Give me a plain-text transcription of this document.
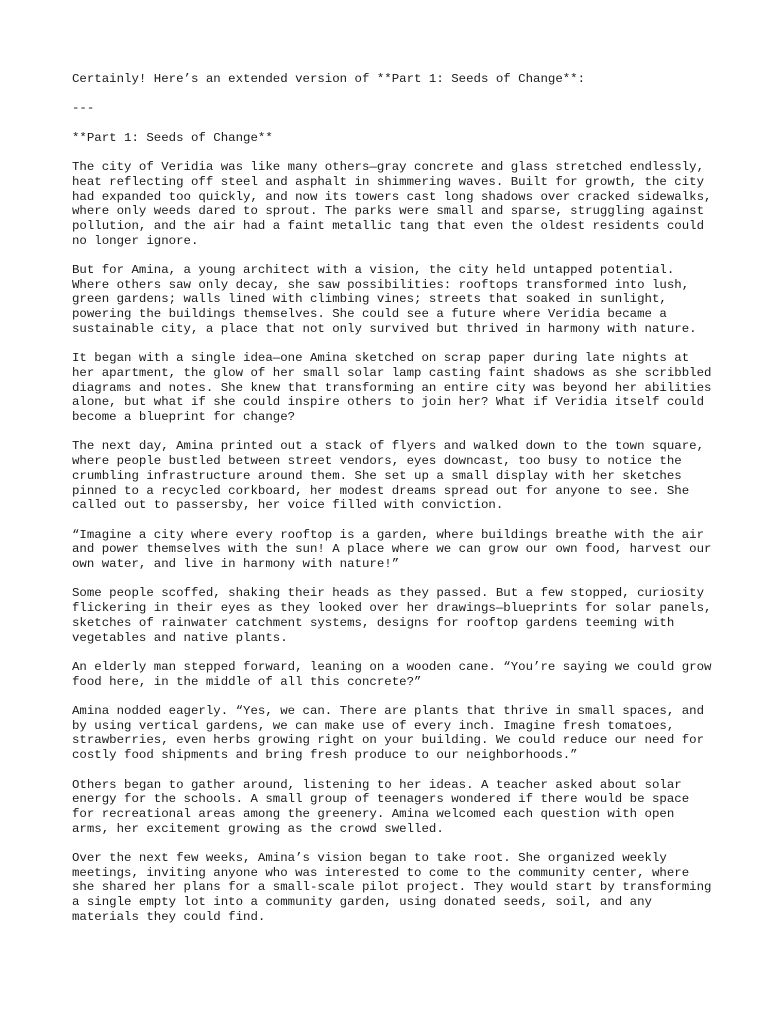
Certainly! Here’s an extended version of **Part 1: Seeds of Change**:

---

**Part 1: Seeds of Change**

The city of Veridia was like many others—gray concrete and glass stretched endlessly, heat reflecting off steel and asphalt in shimmering waves. Built for growth, the city had expanded too quickly, and now its towers cast long shadows over cracked sidewalks, where only weeds dared to sprout. The parks were small and sparse, struggling against pollution, and the air had a faint metallic tang that even the oldest residents could no longer ignore.

But for Amina, a young architect with a vision, the city held untapped potential. Where others saw only decay, she saw possibilities: rooftops transformed into lush, green gardens; walls lined with climbing vines; streets that soaked in sunlight, powering the buildings themselves. She could see a future where Veridia became a sustainable city, a place that not only survived but thrived in harmony with nature.

It began with a single idea—one Amina sketched on scrap paper during late nights at her apartment, the glow of her small solar lamp casting faint shadows as she scribbled diagrams and notes. She knew that transforming an entire city was beyond her abilities alone, but what if she could inspire others to join her? What if Veridia itself could become a blueprint for change?

The next day, Amina printed out a stack of flyers and walked down to the town square, where people bustled between street vendors, eyes downcast, too busy to notice the crumbling infrastructure around them. She set up a small display with her sketches pinned to a recycled corkboard, her modest dreams spread out for anyone to see. She called out to passersby, her voice filled with conviction.

“Imagine a city where every rooftop is a garden, where buildings breathe with the air and power themselves with the sun! A place where we can grow our own food, harvest our own water, and live in harmony with nature!”

Some people scoffed, shaking their heads as they passed. But a few stopped, curiosity flickering in their eyes as they looked over her drawings—blueprints for solar panels, sketches of rainwater catchment systems, designs for rooftop gardens teeming with vegetables and native plants.

An elderly man stepped forward, leaning on a wooden cane. “You’re saying we could grow food here, in the middle of all this concrete?”

Amina nodded eagerly. “Yes, we can. There are plants that thrive in small spaces, and by using vertical gardens, we can make use of every inch. Imagine fresh tomatoes, strawberries, even herbs growing right on your building. We could reduce our need for costly food shipments and bring fresh produce to our neighborhoods.”

Others began to gather around, listening to her ideas. A teacher asked about solar energy for the schools. A small group of teenagers wondered if there would be space for recreational areas among the greenery. Amina welcomed each question with open arms, her excitement growing as the crowd swelled.

Over the next few weeks, Amina’s vision began to take root. She organized weekly meetings, inviting anyone who was interested to come to the community center, where she shared her plans for a small-scale pilot project. They would start by transforming a single empty lot into a community garden, using donated seeds, soil, and any materials they could find.
